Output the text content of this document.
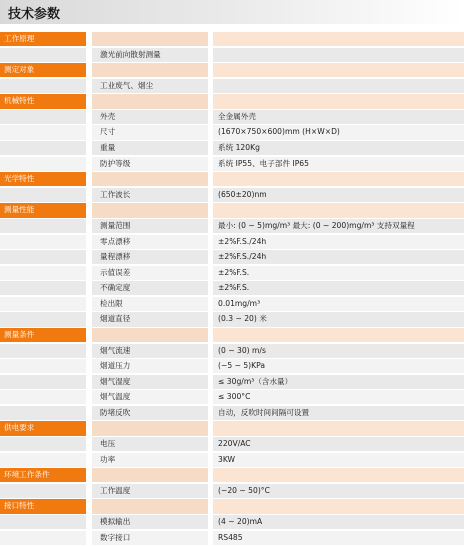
技术参数
工作原理
激光前向散射测量
测定对象
工业废气、烟尘
机械特性
外壳	全金属外壳
尺寸	(1670×750×600)mm (H×W×D)
重量	系统 120Kg
防护等级	系统 IP55、电子部件 IP65
光学特性
工作波长	(650±20)nm
测量性能
测量范围	最小: (0 ~ 5)mg/m³ 最大: (0 ~ 200)mg/m³ 支持双量程
零点漂移	±2%F.S./24h
量程漂移	±2%F.S./24h
示值误差	±2%F.S.
不确定度	±2%F.S.
检出限	0.01mg/m³
烟道直径	(0.3 ~ 20) 米
测量条件
烟气流速	(0 ~ 30) m/s
烟道压力	(−5 ~ 5)KPa
烟气湿度	≤ 30g/m³（含水量）
烟气温度	≤ 300°C
防堵反吹	自动，反吹时间间隔可设置
供电要求
电压	220V/AC
功率	3KW
环境工作条件
工作温度	(−20 ~ 50)°C
接口特性
模拟输出	(4 ~ 20)mA
数字接口	RS485
